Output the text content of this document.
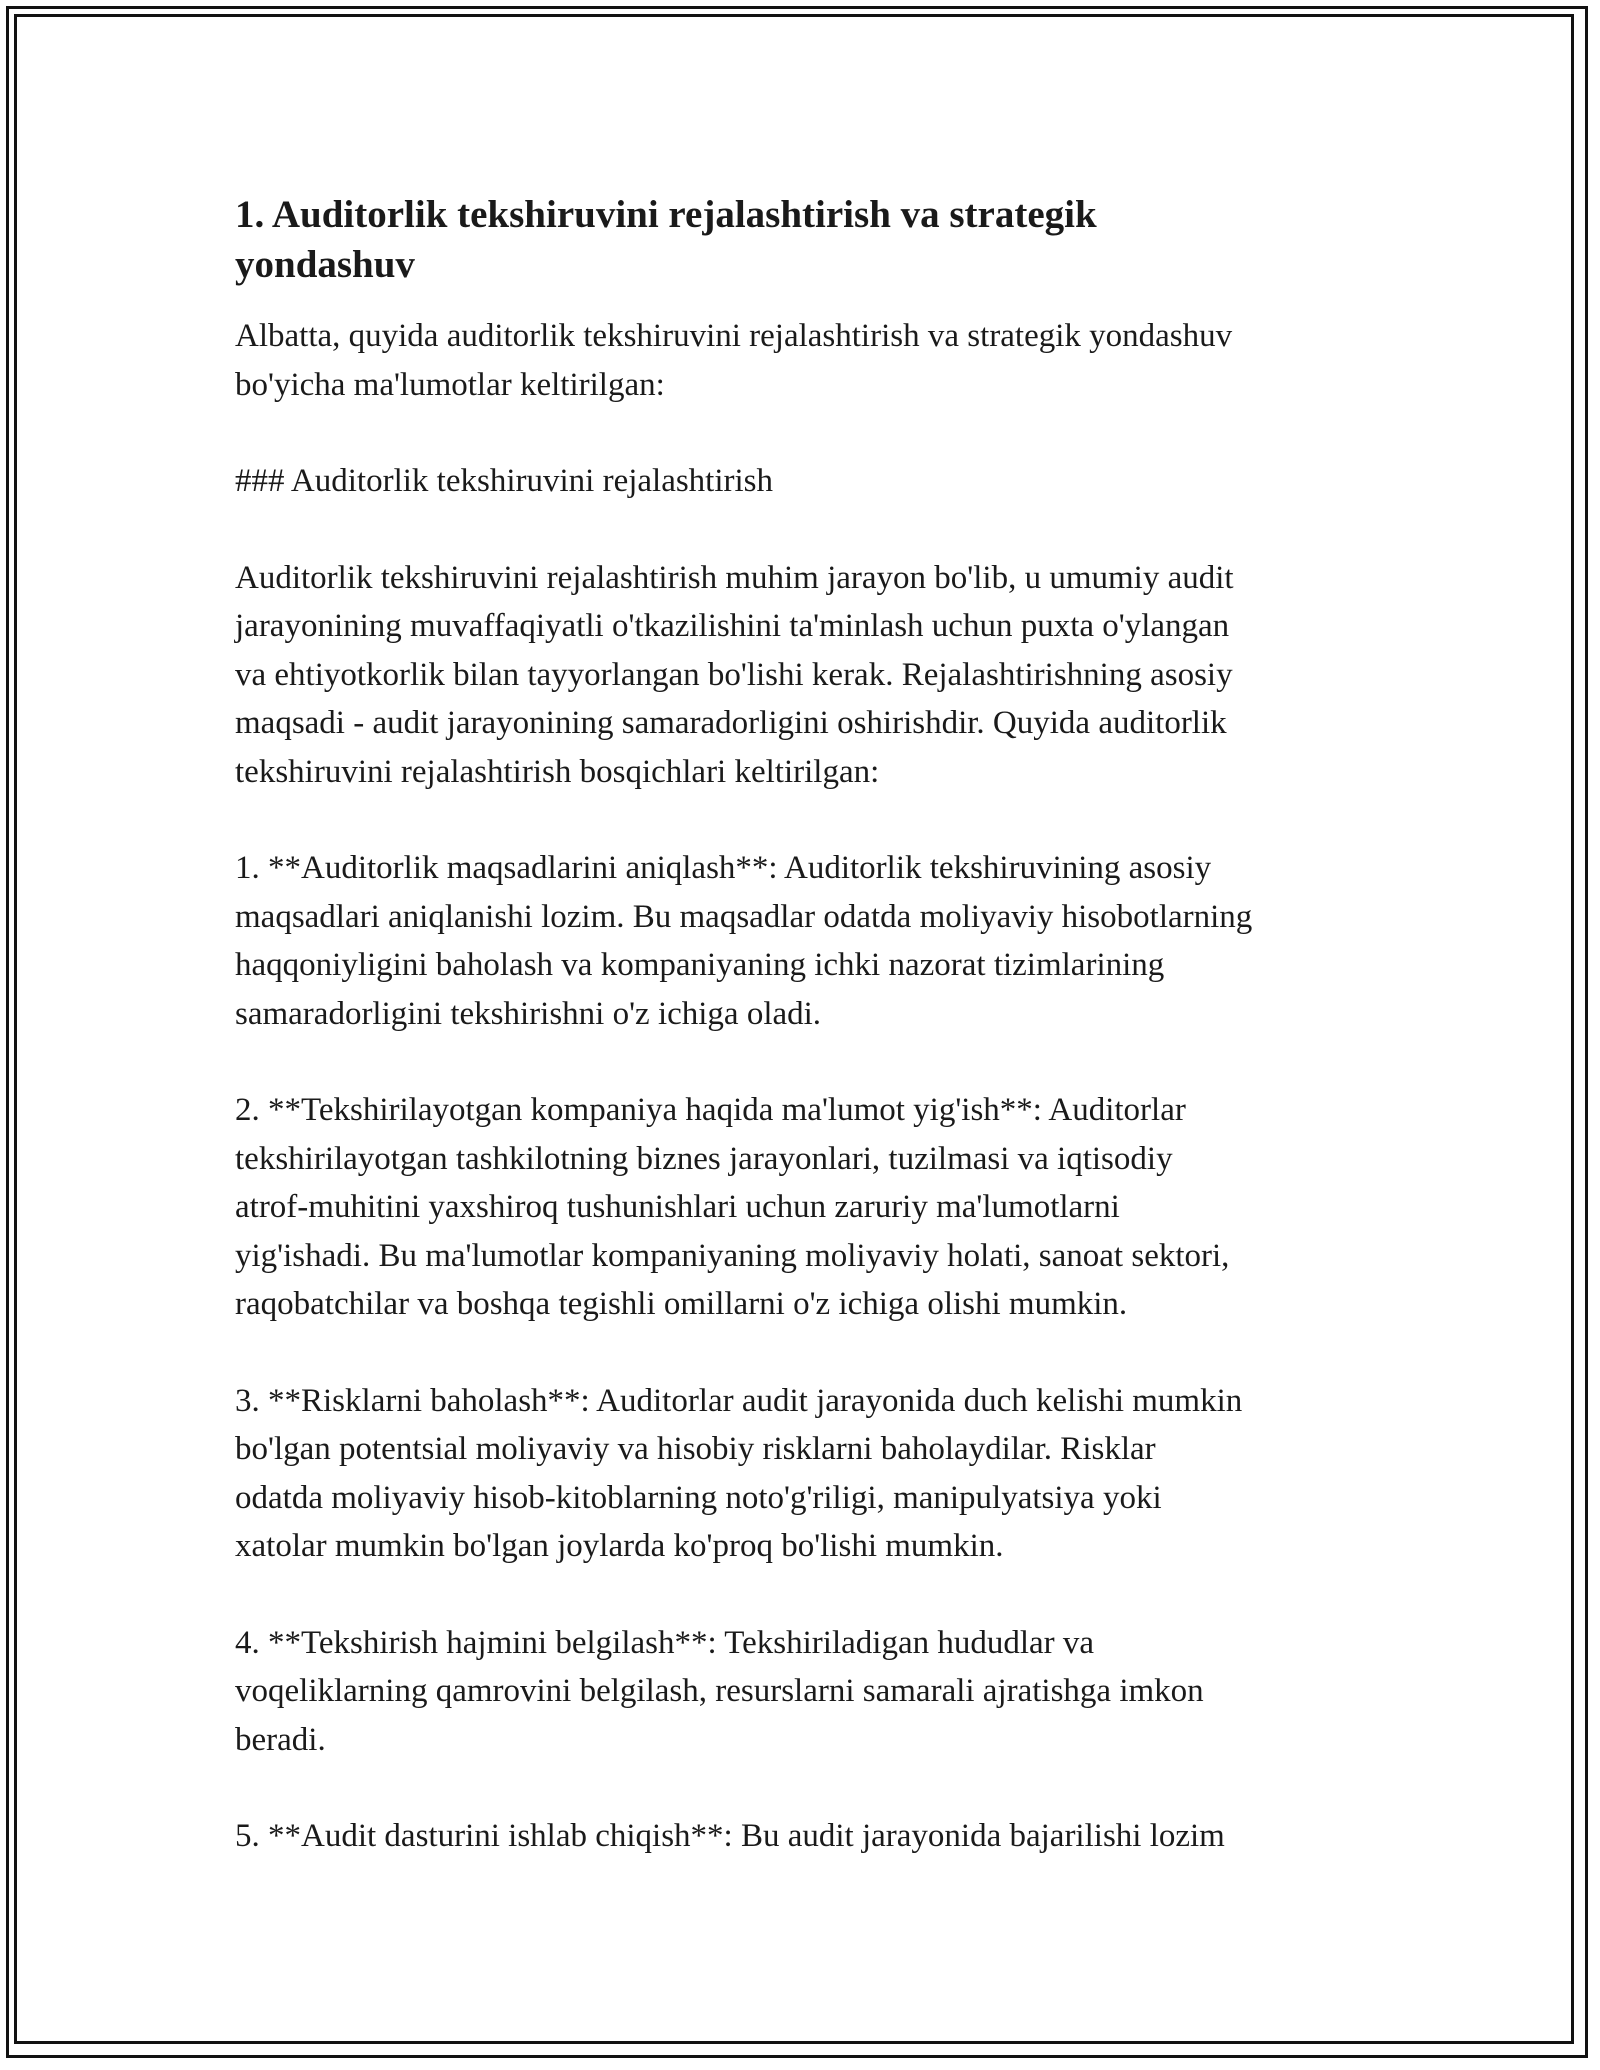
1. Auditorlik tekshiruvini rejalashtirish va strategik
yondashuv

Albatta, quyida auditorlik tekshiruvini rejalashtirish va strategik yondashuv
bo'yicha ma'lumotlar keltirilgan:

### Auditorlik tekshiruvini rejalashtirish

Auditorlik tekshiruvini rejalashtirish muhim jarayon bo'lib, u umumiy audit
jarayonining muvaffaqiyatli o'tkazilishini ta'minlash uchun puxta o'ylangan
va ehtiyotkorlik bilan tayyorlangan bo'lishi kerak. Rejalashtirishning asosiy
maqsadi - audit jarayonining samaradorligini oshirishdir. Quyida auditorlik
tekshiruvini rejalashtirish bosqichlari keltirilgan:

1. **Auditorlik maqsadlarini aniqlash**: Auditorlik tekshiruvining asosiy
maqsadlari aniqlanishi lozim. Bu maqsadlar odatda moliyaviy hisobotlarning
haqqoniyligini baholash va kompaniyaning ichki nazorat tizimlarining
samaradorligini tekshirishni o'z ichiga oladi.

2. **Tekshirilayotgan kompaniya haqida ma'lumot yig'ish**: Auditorlar
tekshirilayotgan tashkilotning biznes jarayonlari, tuzilmasi va iqtisodiy
atrof-muhitini yaxshiroq tushunishlari uchun zaruriy ma'lumotlarni
yig'ishadi. Bu ma'lumotlar kompaniyaning moliyaviy holati, sanoat sektori,
raqobatchilar va boshqa tegishli omillarni o'z ichiga olishi mumkin.

3. **Risklarni baholash**: Auditorlar audit jarayonida duch kelishi mumkin
bo'lgan potentsial moliyaviy va hisobiy risklarni baholaydilar. Risklar
odatda moliyaviy hisob-kitoblarning noto'g'riligi, manipulyatsiya yoki
xatolar mumkin bo'lgan joylarda ko'proq bo'lishi mumkin.

4. **Tekshirish hajmini belgilash**: Tekshiriladigan hududlar va
voqeliklarning qamrovini belgilash, resurslarni samarali ajratishga imkon
beradi.

5. **Audit dasturini ishlab chiqish**: Bu audit jarayonida bajarilishi lozim
